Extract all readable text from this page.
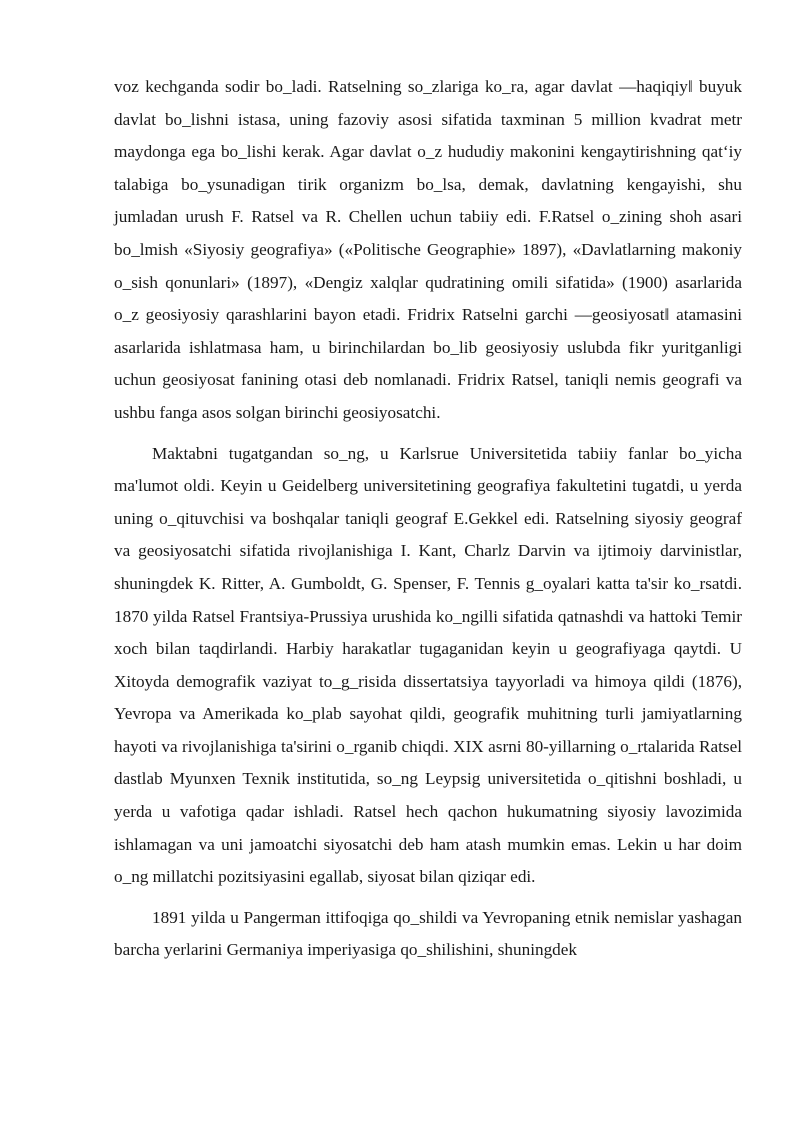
voz kechganda sodir bo_ladi. Ratselning so_zlariga ko_ra, agar davlat ―haqiqiy‖ buyuk davlat bo_lishni istasa, uning fazoviy asosi sifatida taxminan 5 million kvadrat metr maydonga ega bo_lishi kerak. Agar davlat o_z hududiy makonini kengaytirishning qat‘iy talabiga bo_ysunadigan tirik organizm bo_lsa, demak, davlatning kengayishi, shu jumladan urush F. Ratsel va R. Chellen uchun tabiiy edi. F.Ratsel o_zining shoh asari bo_lmish «Siyosiy geografiya» («Politische Geographie» 1897), «Davlatlarning makoniy o_sish qonunlari» (1897), «Dengiz xalqlar qudratining omili sifatida» (1900) asarlarida o_z geosiyosiy qarashlarini bayon etadi. Fridrix Ratselni garchi ―geosiyosat‖ atamasini asarlarida ishlatmasa ham, u birinchilardan bo_lib geosiyosiy uslubda fikr yuritganligi uchun geosiyosat fanining otasi deb nomlanadi. Fridrix Ratsel, taniqli nemis geografi va ushbu fanga asos solgan birinchi geosiyosatchi.

Maktabni tugatgandan so_ng, u Karlsrue Universitetida tabiiy fanlar bo_yicha ma'lumot oldi. Keyin u Geidelberg universitetining geografiya fakultetini tugatdi, u yerda uning o_qituvchisi va boshqalar taniqli geograf E.Gekkel edi. Ratselning siyosiy geograf va geosiyosatchi sifatida rivojlanishiga I. Kant, Charlz Darvin va ijtimoiy darvinistlar, shuningdek K. Ritter, A. Gumboldt, G. Spenser, F. Tennis g_oyalari katta ta'sir ko_rsatdi. 1870 yilda Ratsel Frantsiya-Prussiya urushida ko_ngilli sifatida qatnashdi va hattoki Temir xoch bilan taqdirlandi. Harbiy harakatlar tugaganidan keyin u geografiyaga qaytdi. U Xitoyda demografik vaziyat to_g_risida dissertatsiya tayyorladi va himoya qildi (1876), Yevropa va Amerikada ko_plab sayohat qildi, geografik muhitning turli jamiyatlarning hayoti va rivojlanishiga ta'sirini o_rganib chiqdi. XIX asrni 80-yillarning o_rtalarida Ratsel dastlab Myunxen Texnik institutida, so_ng Leypsig universitetida o_qitishni boshladi, u yerda u vafotiga qadar ishladi. Ratsel hech qachon hukumatning siyosiy lavozimida ishlamagan va uni jamoatchi siyosatchi deb ham atash mumkin emas. Lekin u har doim o_ng millatchi pozitsiyasini egallab, siyosat bilan qiziqar edi.

1891 yilda u Pangerman ittifoqiga qo_shildi va Yevropaning etnik nemislar yashagan barcha yerlarini Germaniya imperiyasiga qo_shilishini, shuningdek
